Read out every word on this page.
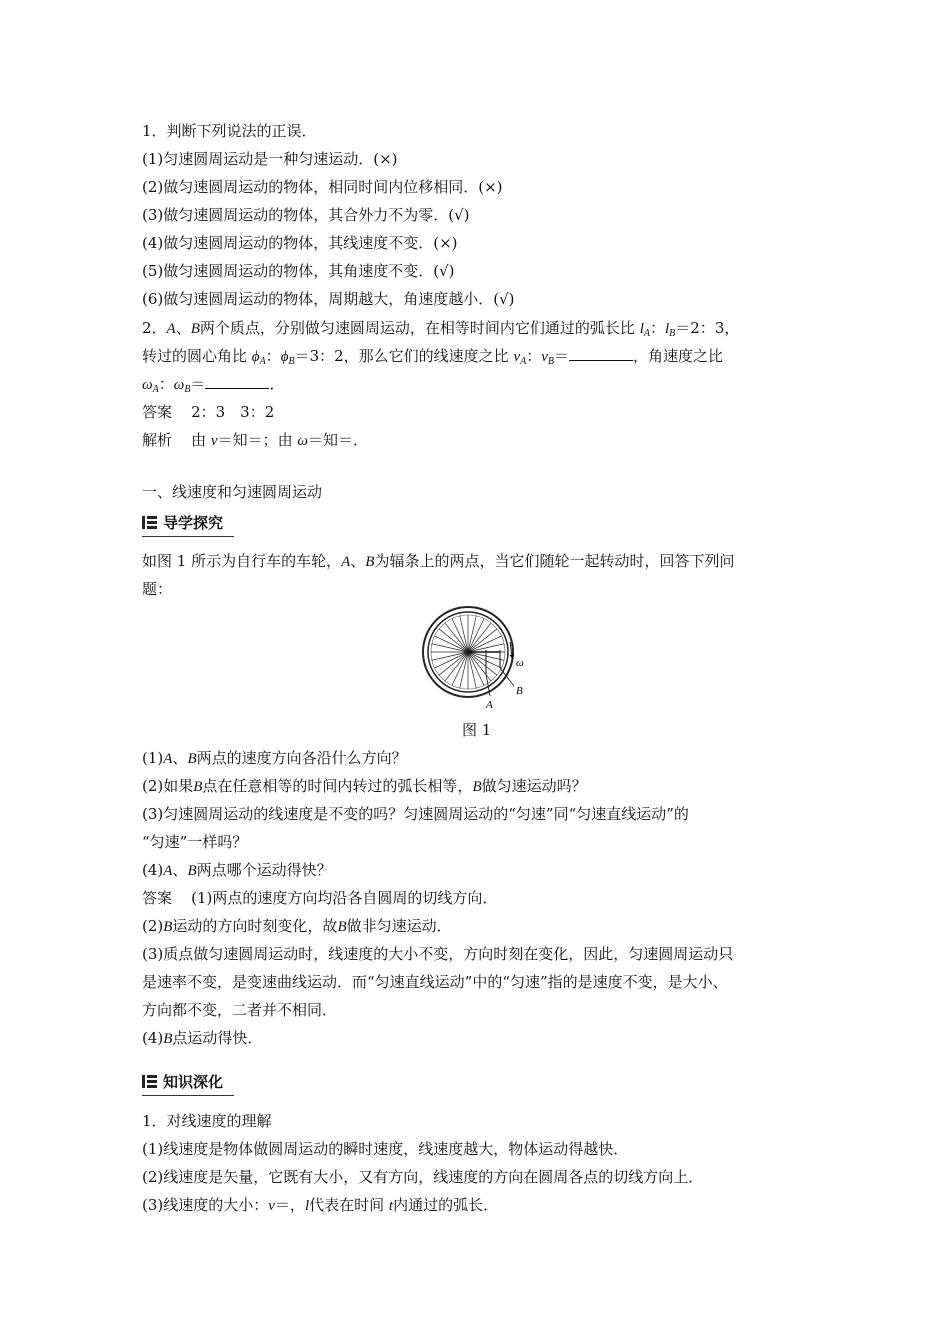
1．判断下列说法的正误．
(1)匀速圆周运动是一种匀速运动．(×)
(2)做匀速圆周运动的物体，相同时间内位移相同．(×)
(3)做匀速圆周运动的物体，其合外力不为零．(√)
(4)做匀速圆周运动的物体，其线速度不变．(×)
(5)做匀速圆周运动的物体，其角速度不变．(√)
(6)做匀速圆周运动的物体，周期越大，角速度越小．(√)
2．A、B两个质点，分别做匀速圆周运动，在相等时间内它们通过的弧长比 $l_A$：$l_B=2$：3，
转过的圆心角比 $\phi_A$：$\phi_B=3$：2，那么它们的线速度之比 $v_A$：$v_B=$	，角速度之比
$\omega_A$：$\omega_B=$	．
答案 2：3　3：2
解析 由 v＝知＝；由 ω＝知＝．
一、线速度和匀速圆周运动
导学探究
如图 1 所示为自行车的车轮，A、B为辐条上的两点，当它们随轮一起转动时，回答下列问
题：
ω
B
A
图 1
(1)A、B两点的速度方向各沿什么方向？
(2)如果B点在任意相等的时间内转过的弧长相等，B做匀速运动吗？
(3)匀速圆周运动的线速度是不变的吗？匀速圆周运动的“匀速”同“匀速直线运动”的
“匀速”一样吗？
(4)A、B两点哪个运动得快？
答案 (1)两点的速度方向均沿各自圆周的切线方向．
(2)B运动的方向时刻变化，故B做非匀速运动．
(3)质点做匀速圆周运动时，线速度的大小不变，方向时刻在变化，因此，匀速圆周运动只
是速率不变，是变速曲线运动．而“匀速直线运动”中的“匀速”指的是速度不变，是大小、
方向都不变，二者并不相同．
(4)B点运动得快．
知识深化
1．对线速度的理解
(1)线速度是物体做圆周运动的瞬时速度，线速度越大，物体运动得越快．
(2)线速度是矢量，它既有大小，又有方向，线速度的方向在圆周各点的切线方向上．
(3)线速度的大小：v＝，l代表在时间 t内通过的弧长．
